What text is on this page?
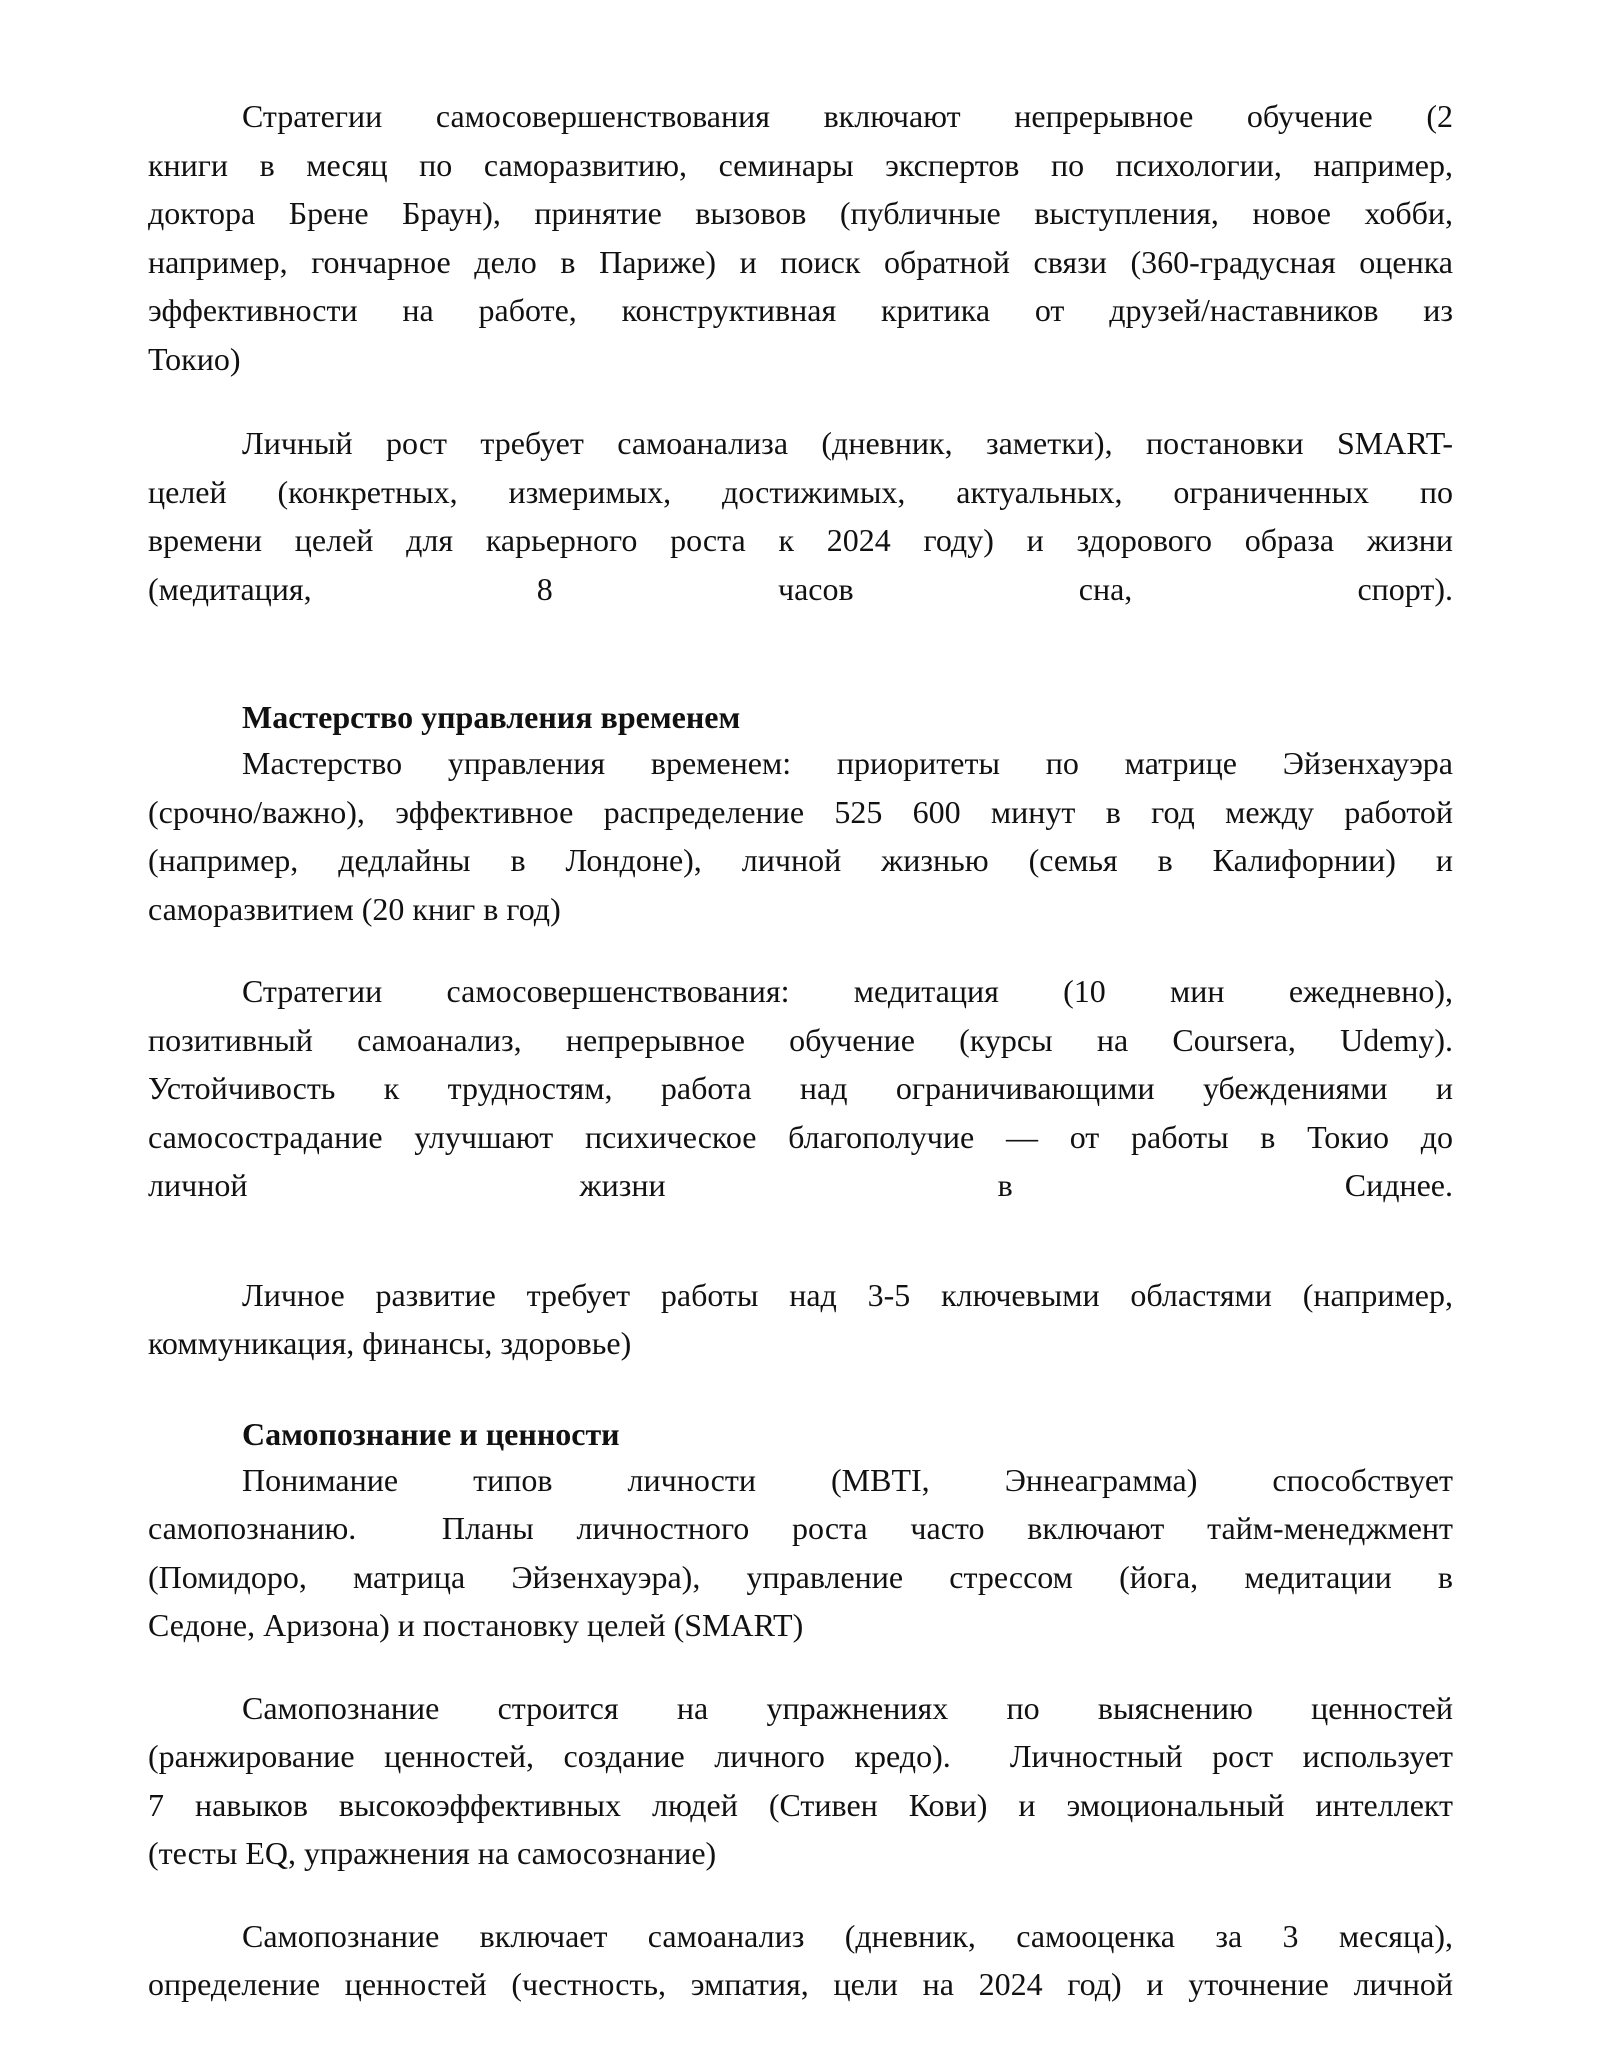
Стратегии самосовершенствования включают непрерывное обучение (2
книги в месяц по саморазвитию, семинары экспертов по психологии, например,
доктора Брене Браун), принятие вызовов (публичные выступления, новое хобби,
например, гончарное дело в Париже) и поиск обратной связи (360-градусная оценка
эффективности на работе, конструктивная критика от друзей/наставников из
Токио)
Личный рост требует самоанализа (дневник, заметки), постановки SMART-
целей (конкретных, измеримых, достижимых, актуальных, ограниченных по
времени целей для карьерного роста к 2024 году) и здорового образа жизни
(медитация, 8 часов сна, спорт).
Мастерство управления временем
Мастерство управления временем: приоритеты по матрице Эйзенхауэра
(срочно/важно), эффективное распределение 525 600 минут в год между работой
(например, дедлайны в Лондоне), личной жизнью (семья в Калифорнии) и
саморазвитием (20 книг в год)
Стратегии самосовершенствования: медитация (10 мин ежедневно),
позитивный самоанализ, непрерывное обучение (курсы на Coursera, Udemy).
Устойчивость к трудностям, работа над ограничивающими убеждениями и
самосострадание улучшают психическое благополучие — от работы в Токио до
личной жизни в Сиднее.
Личное развитие требует работы над 3-5 ключевыми областями (например,
коммуникация, финансы, здоровье)
Самопознание и ценности
Понимание типов личности (MBTI, Эннеаграмма) способствует
самопознанию.  Планы личностного роста часто включают тайм-менеджмент
(Помидоро, матрица Эйзенхауэра), управление стрессом (йога, медитации в
Седоне, Аризона) и постановку целей (SMART)
Самопознание строится на упражнениях по выяснению ценностей
(ранжирование ценностей, создание личного кредо).  Личностный рост использует
7 навыков высокоэффективных людей (Стивен Кови) и эмоциональный интеллект
(тесты EQ, упражнения на самосознание)
Самопознание включает самоанализ (дневник, самооценка за 3 месяца),
определение ценностей (честность, эмпатия, цели на 2024 год) и уточнение личной
